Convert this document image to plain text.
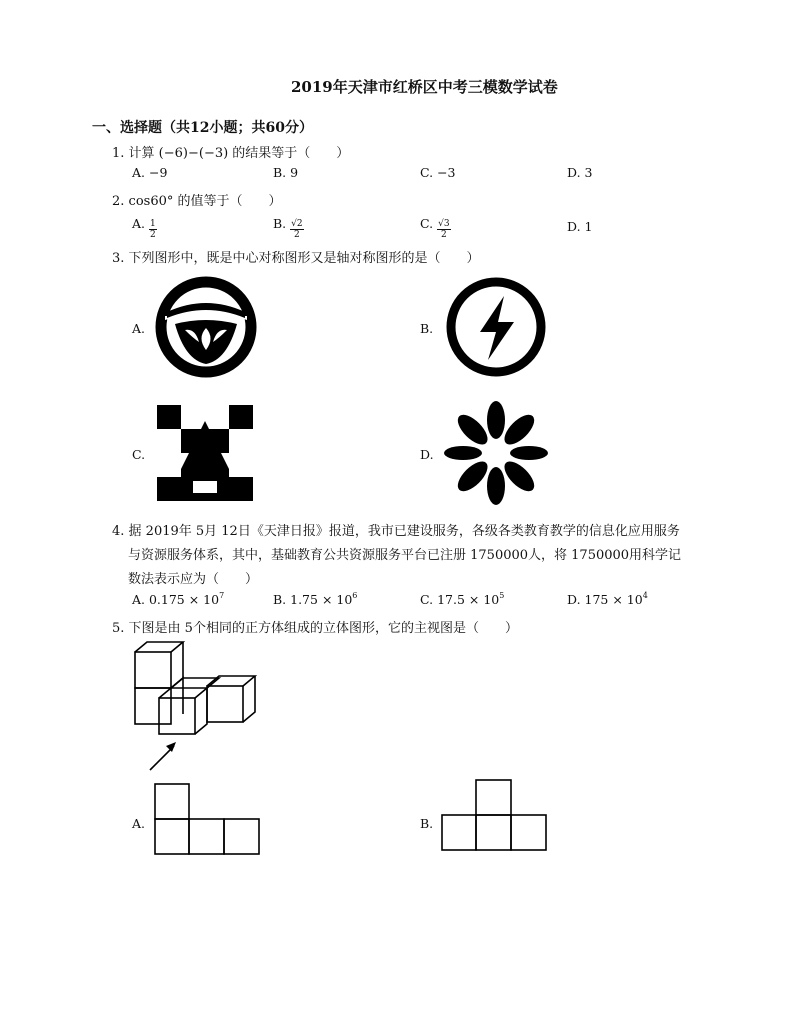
2019年天津市红桥区中考三模数学试卷
一、选择题（共12小题；共60分）
1. 计算 (−6)−(−3) 的结果等于（　　）
A. −9	B. 9	C. −3	D. 3
2. cos60° 的值等于（　　）
A. $\frac{1}{2}$	B. $\frac{√2}{2}$	C. $\frac{√3}{2}$	D. 1
3. 下列图形中，既是中心对称图形又是轴对称图形的是（　　）
A.	B.
C.	D.
4. 据 2019年 5月 12日《天津日报》报道，我市已建设服务，各级各类教育教学的信息化应用服务
与资源服务体系，其中，基础教育公共资源服务平台已注册 1750000人，将 1750000用科学记
数法表示应为（　　）
A. $0.175 \times 10^7$	B. $1.75 \times 10^6$	C. $17.5 \times 10^5$	D. $175 \times 10^4$
5. 下图是由 5个相同的正方体组成的立体图形，它的主视图是（　　）
A.	B.
